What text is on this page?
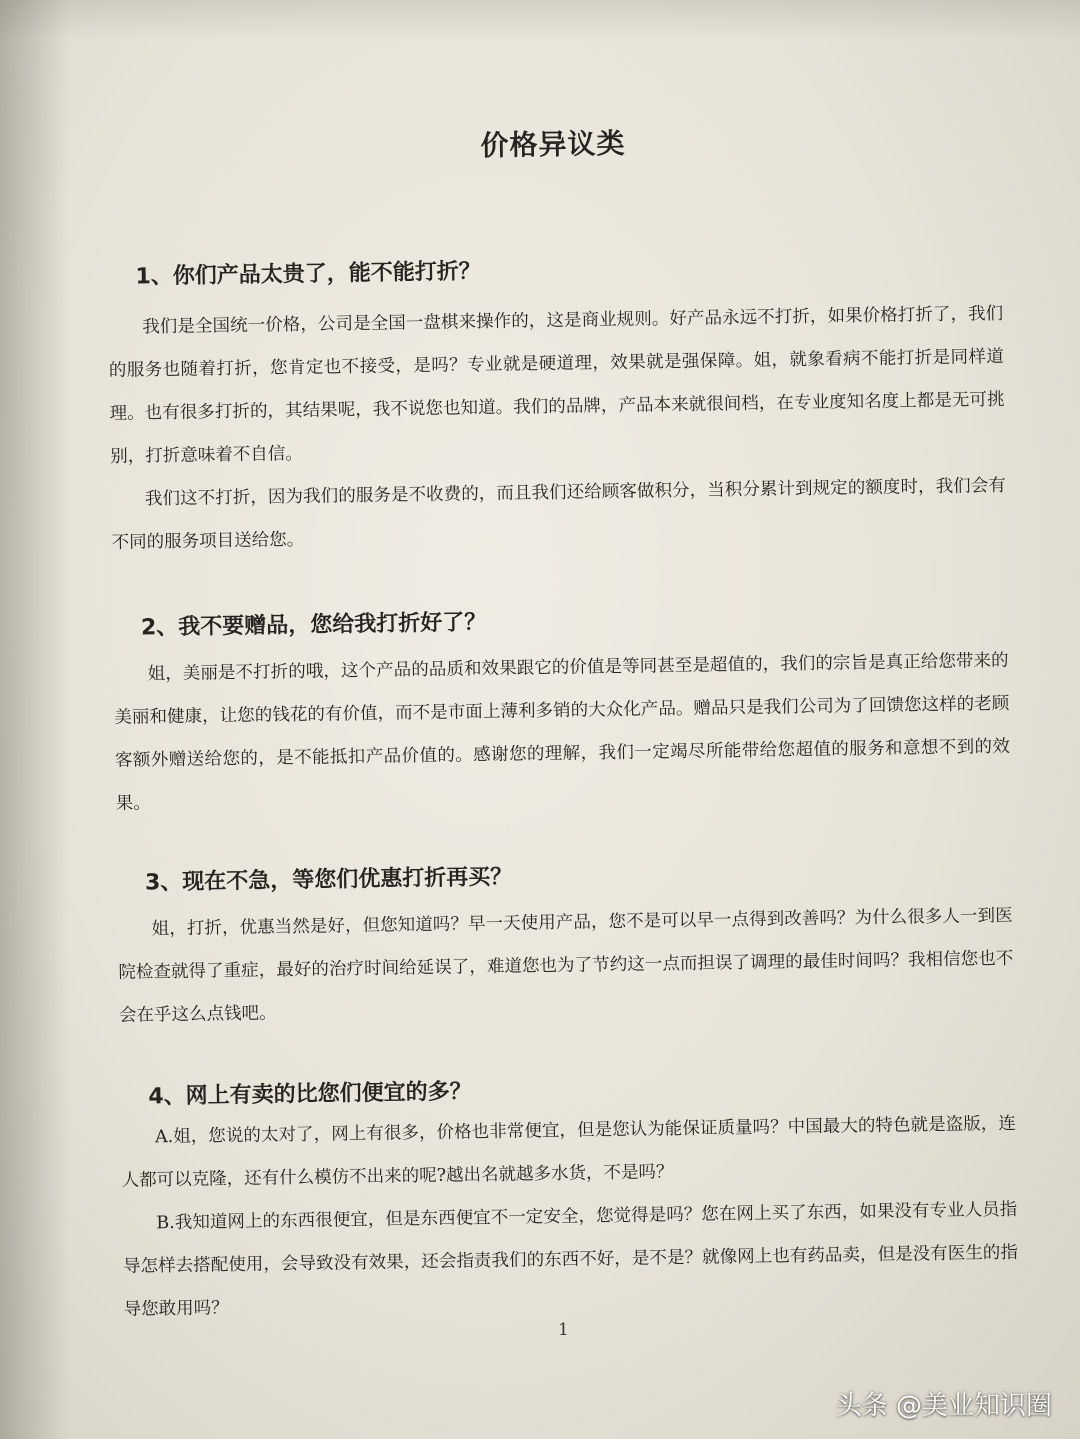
价格异议类
1、你们产品太贵了，能不能打折？

我们是全国统一价格，公司是全国一盘棋来操作的，这是商业规则。好产品永远不打折，如果价格打折了，我们的服务也随着打折，您肯定也不接受，是吗？专业就是硬道理，效果就是强保障。姐，就象看病不能打折是同样道理。也有很多打折的，其结果呢，我不说您也知道。我们的品牌，产品本来就很间档，在专业度知名度上都是无可挑别，打折意味着不自信。

我们这不打折，因为我们的服务是不收费的，而且我们还给顾客做积分，当积分累计到规定的额度时，我们会有不同的服务项目送给您。

2、我不要赠品，您给我打折好了？

姐，美丽是不打折的哦，这个产品的品质和效果跟它的价值是等同甚至是超值的，我们的宗旨是真正给您带来的美丽和健康，让您的钱花的有价值，而不是市面上薄利多销的大众化产品。赠品只是我们公司为了回馈您这样的老顾客额外赠送给您的，是不能抵扣产品价值的。感谢您的理解，我们一定竭尽所能带给您超值的服务和意想不到的效果。

3、现在不急，等您们优惠打折再买？

姐，打折，优惠当然是好，但您知道吗？早一天使用产品，您不是可以早一点得到改善吗？为什么很多人一到医院检查就得了重症，最好的治疗时间给延误了，难道您也为了节约这一点而担误了调理的最佳时间吗？我相信您也不会在乎这么点钱吧。

4、网上有卖的比您们便宜的多？

A.姐，您说的太对了，网上有很多，价格也非常便宜，但是您认为能保证质量吗？中国最大的特色就是盗版，连人都可以克隆，还有什么模仿不出来的呢?越出名就越多水货，不是吗？

B.我知道网上的东西很便宜，但是东西便宜不一定安全，您觉得是吗？您在网上买了东西，如果没有专业人员指导怎样去搭配使用，会导致没有效果，还会指责我们的东西不好，是不是？就像网上也有药品卖，但是没有医生的指导您敢用吗？

1
头条 @美业知识圈
